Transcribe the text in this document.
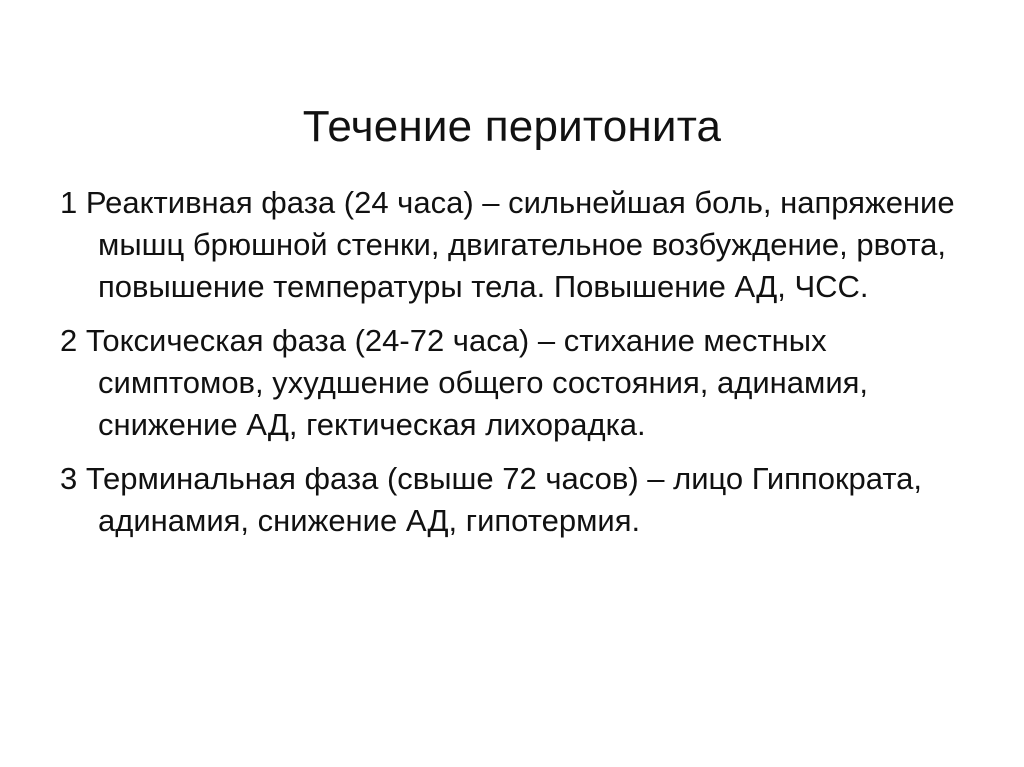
Течение перитонита
1 Реактивная фаза (24 часа) – сильнейшая боль, напряжение мышц брюшной стенки, двигательное возбуждение, рвота, повышение температуры тела. Повышение АД, ЧСС.
2 Токсическая фаза (24-72 часа) – стихание местных симптомов, ухудшение общего состояния, адинамия, снижение АД, гектическая лихорадка.
3 Терминальная фаза (свыше 72 часов) – лицо Гиппократа, адинамия, снижение АД, гипотермия.
